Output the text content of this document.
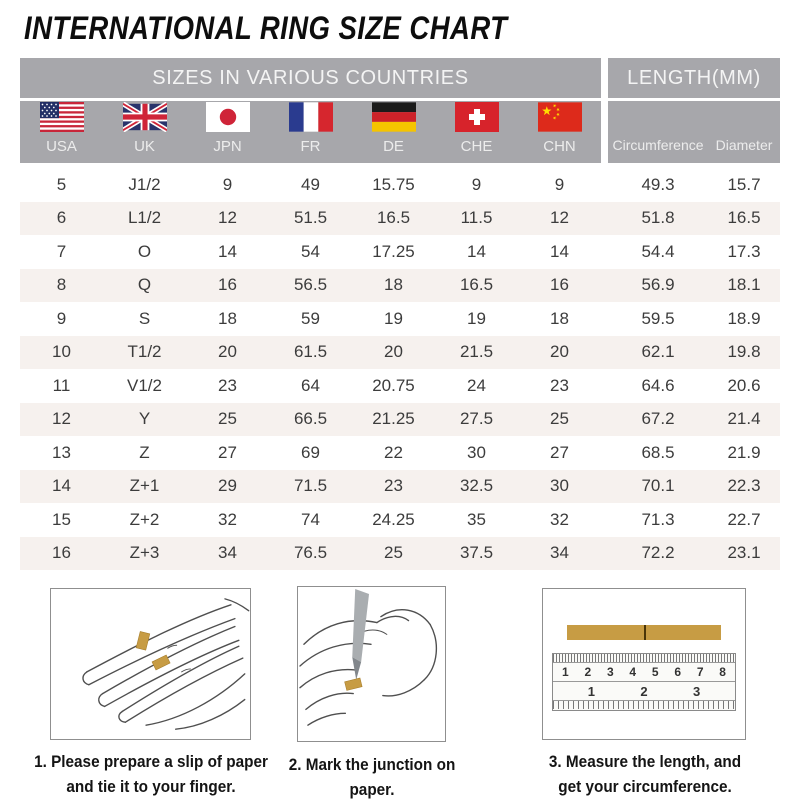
INTERNATIONAL RING SIZE CHART
SIZES IN VARIOUS COUNTRIES	LENGTH(MM)
USA	UK	JPN	FR	DE	CHE	CHN	Circumference Diameter
5	J1/2	9	49	15.75	9	9	49.3	15.7
6	L1/2	12	51.5	16.5	11.5	12	51.8	16.5
7	O	14	54	17.25	14	14	54.4	17.3
8	Q	16	56.5	18	16.5	16	56.9	18.1
9	S	18	59	19	19	18	59.5	18.9
10	T1/2	20	61.5	20	21.5	20	62.1	19.8
11	V1/2	23	64	20.75	24	23	64.6	20.6
12	Y	25	66.5	21.25	27.5	25	67.2	21.4
13	Z	27	69	22	30	27	68.5	21.9
14	Z+1	29	71.5	23	32.5	30	70.1	22.3
15	Z+2	32	74	24.25	35	32	71.3	22.7
16	Z+3	34	76.5	25	37.5	34	72.2	23.1
1 2 3 4 5 6 7 8
1	2	3
1. Please prepare a slip of paper
and tie it to your finger.
2. Mark the junction on paper.
3. Measure the length, and
get your circumference.
